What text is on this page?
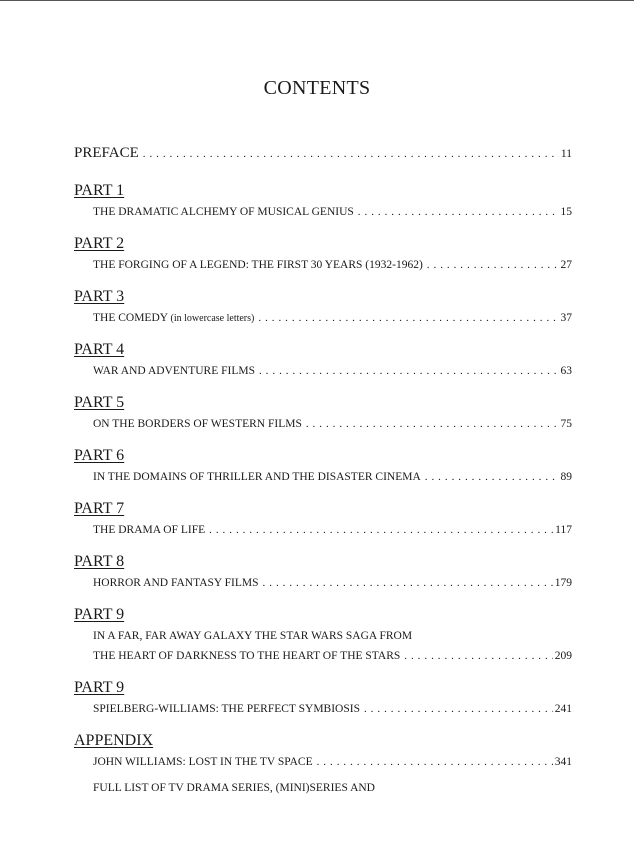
CONTENTS
PREFACE . . .	11
PART 1
THE DRAMATIC ALCHEMY OF MUSICAL GENIUS . . .	15
PART 2
THE FORGING OF A LEGEND: THE FIRST 30 YEARS (1932-1962) . . .	27
PART 3
THE COMEDY (in lowercase letters) . . .	37
PART 4
WAR AND ADVENTURE FILMS . . .	63
PART 5
ON THE BORDERS OF WESTERN FILMS . . .	75
PART 6
IN THE DOMAINS OF THRILLER AND THE DISASTER CINEMA . . .	89
PART 7
THE DRAMA OF LIFE . . .	117
PART 8
HORROR AND FANTASY FILMS . . .	179
PART 9
IN A FAR, FAR AWAY GALAXY THE STAR WARS SAGA FROM
THE HEART OF DARKNESS TO THE HEART OF THE STARS . . .	209
PART 9
SPIELBERG-WILLIAMS: THE PERFECT SYMBIOSIS . . .	241
APPENDIX
JOHN WILLIAMS: LOST IN THE TV SPACE . . .	341
FULL LIST OF TV DRAMA SERIES, (MINI)SERIES AND
